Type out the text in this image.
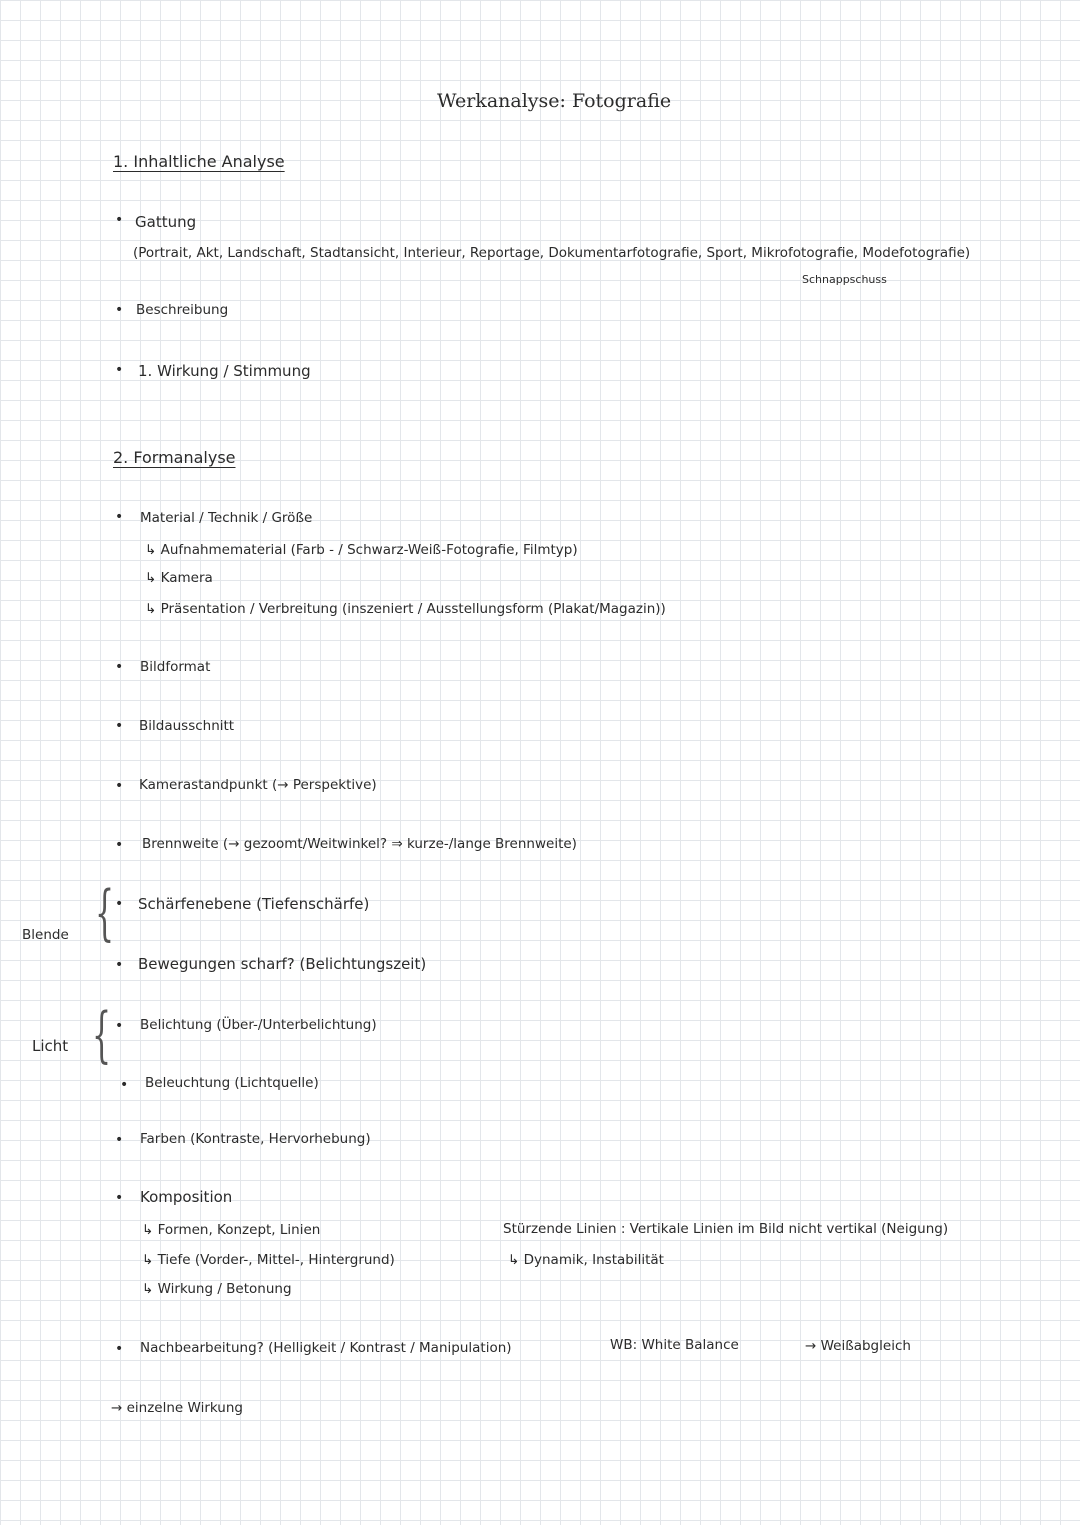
Werkanalyse: Fotografie
1. Inhaltliche Analyse
• Gattung
(Portrait, Akt, Landschaft, Stadtansicht, Interieur, Reportage, Dokumentarfotografie, Sport, Mikrofotografie, Modefotografie)
Schnappschuss
• Beschreibung
• 1. Wirkung / Stimmung
2. Formanalyse
• Material / Technik / Größe
↳ Aufnahmematerial (Farb - / Schwarz-Weiß-Fotografie, Filmtyp)
↳ Kamera
↳ Präsentation / Verbreitung (inszeniert / Ausstellungsform (Plakat/Magazin))
• Bildformat
• Bildausschnitt
• Kamerastandpunkt (→ Perspektive)
• Brennweite (→ gezoomt/Weitwinkel? ⇒ kurze-/lange Brennweite)
{
Blende
• Schärfenebene (Tiefenschärfe)
• Bewegungen scharf? (Belichtungszeit)
{
Licht
• Belichtung (Über-/Unterbelichtung)
• Beleuchtung (Lichtquelle)
• Farben (Kontraste, Hervorhebung)
• Komposition
↳ Formen, Konzept, Linien
↳ Tiefe (Vorder-, Mittel-, Hintergrund)
↳ Wirkung / Betonung
Stürzende Linien : Vertikale Linien im Bild nicht vertikal (Neigung)
↳ Dynamik, Instabilität
• Nachbearbeitung? (Helligkeit / Kontrast / Manipulation)	WB: White Balance	→ Weißabgleich
→ einzelne Wirkung
